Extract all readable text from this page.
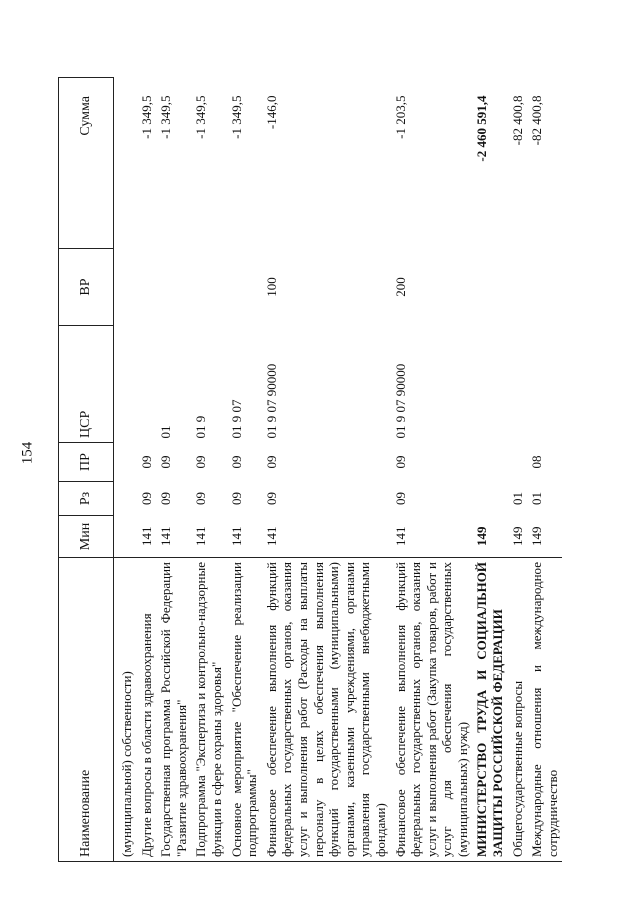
154
Наименование	Мин	Рз	ПР	ЦСР	ВР	Сумма
(муниципальной) собственности)						
Другие вопросы в области здравоохранения	141	09	09			-1 349,5
Государственная программа Российской Федерации "Развитие здравоохранения"	141	09	09	01		-1 349,5
Подпрограмма "Экспертиза и контрольно-надзорные функции в сфере охраны здоровья"	141	09	09	01 9		-1 349,5
Основное мероприятие "Обеспечение реализации подпрограммы"	141	09	09	01 9 07		-1 349,5
Финансовое обеспечение выполнения функций федеральных государственных органов, оказания услуг и выполнения работ (Расходы на выплаты персоналу в целях обеспечения выполнения функций государственными (муниципальными) органами, казенными учреждениями, органами управления государственными внебюджетными фондами)	141	09	09	01 9 07 90000	100	-146,0
Финансовое обеспечение выполнения функций федеральных государственных органов, оказания услуг и выполнения работ (Закупка товаров, работ и услуг для обеспечения государственных (муниципальных) нужд)	141	09	09	01 9 07 90000	200	-1 203,5
МИНИСТЕРСТВО ТРУДА И СОЦИАЛЬНОЙ ЗАЩИТЫ РОССИЙСКОЙ ФЕДЕРАЦИИ	149					-2 460 591,4
Общегосударственные вопросы	149	01				-82 400,8
Международные отношения и международное сотрудничество	149	01	08			-82 400,8
